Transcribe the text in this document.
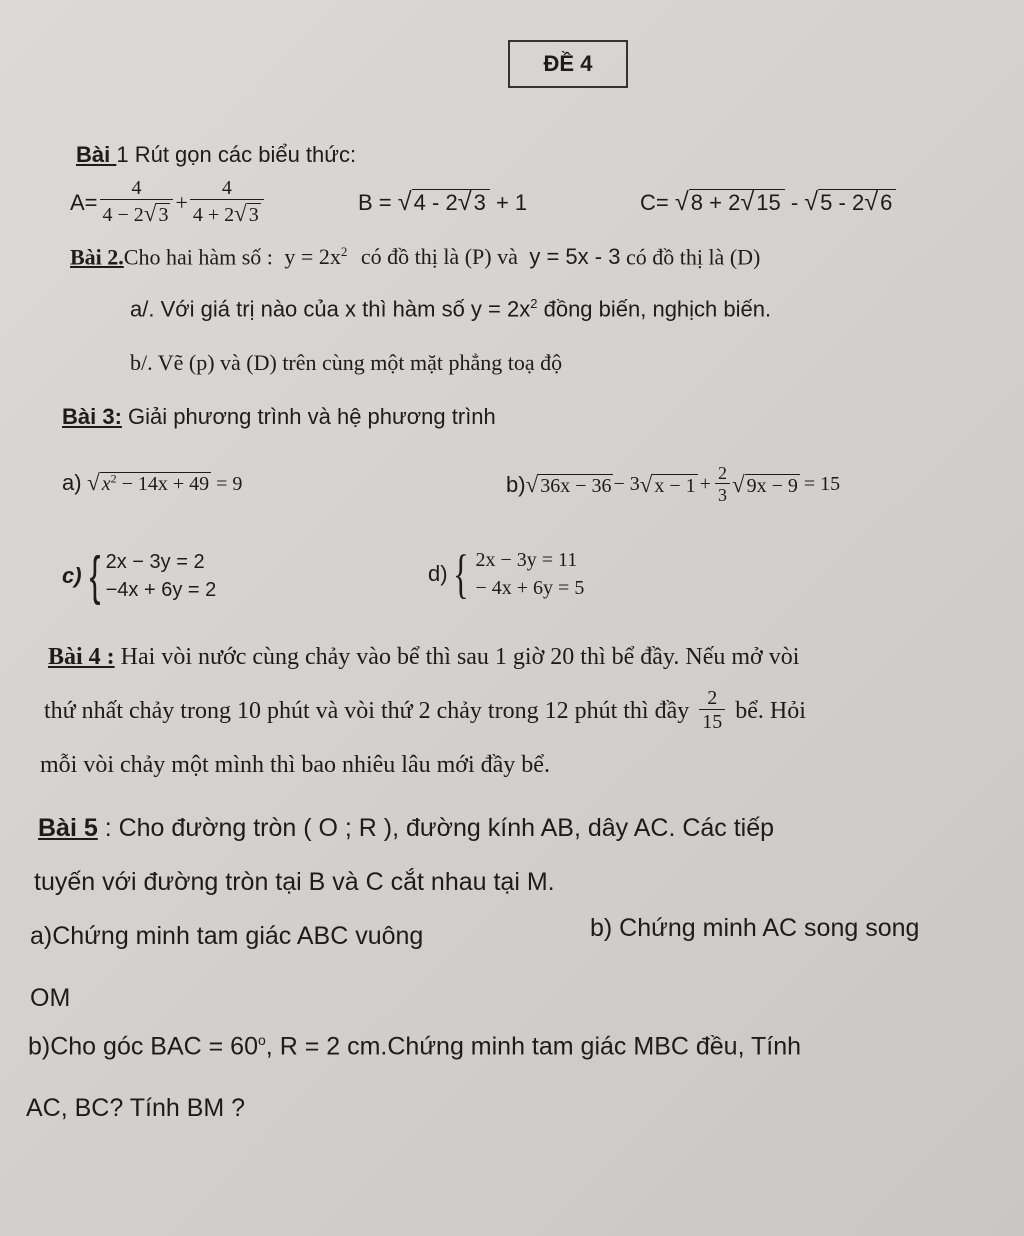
ĐỀ 4
Bài 1 Rút gọn các biểu thức:
$A= \frac{4}{4 - 2√ 3} + \frac{4}{4 + 2√ 3}$	B = √4 - 2√3 + 1	C= √8 + 2√15 - √5 - 2√6
Bài 2.Cho hai hàm số : $y = 2x^2$ có đồ thị là (P) và y = 5x - 3 có đồ thị là (D)
a/. Với giá trị nào của x thì hàm số $y = 2x^2$ đồng biến, nghịch biến.
b/. Vẽ (p) và (D) trên cùng một mặt phẳng toạ độ
Bài 3: Giải phương trình và hệ phương trình
a) √ $x^2 - 14x + 49 = 9$	b) √ 36x − 36 − 3 √ $x - 1 + \frac{2}{3}$ √ 9x − 9 = 15
c) { 2x − 3y = 2
−4x + 6y = 2
d) { 2x − 3y = 11
− 4x + 6y = 5
Bài 4 : Hai vòi nước cùng chảy vào bể thì sau 1 giờ 20 thì bể đầy. Nếu mở vòi
thứ nhất chảy trong 10 phút và vòi thứ 2 chảy trong 12 phút thì đầy $\frac{2}{15}$ bể. Hỏi
mỗi vòi chảy một mình thì bao nhiêu lâu mới đầy bể.
Bài 5 : Cho đường tròn ( O ; R ), đường kính AB, dây AC. Các tiếp
tuyến với đường tròn tại B và C cắt nhau tại M.
a)Chứng minh tam giác ABC vuông	b) Chứng minh AC song song
OM
b)Cho góc BAC = $60^o$, R = 2 cm.Chứng minh tam giác MBC đều, Tính
AC, BC? Tính BM ?
